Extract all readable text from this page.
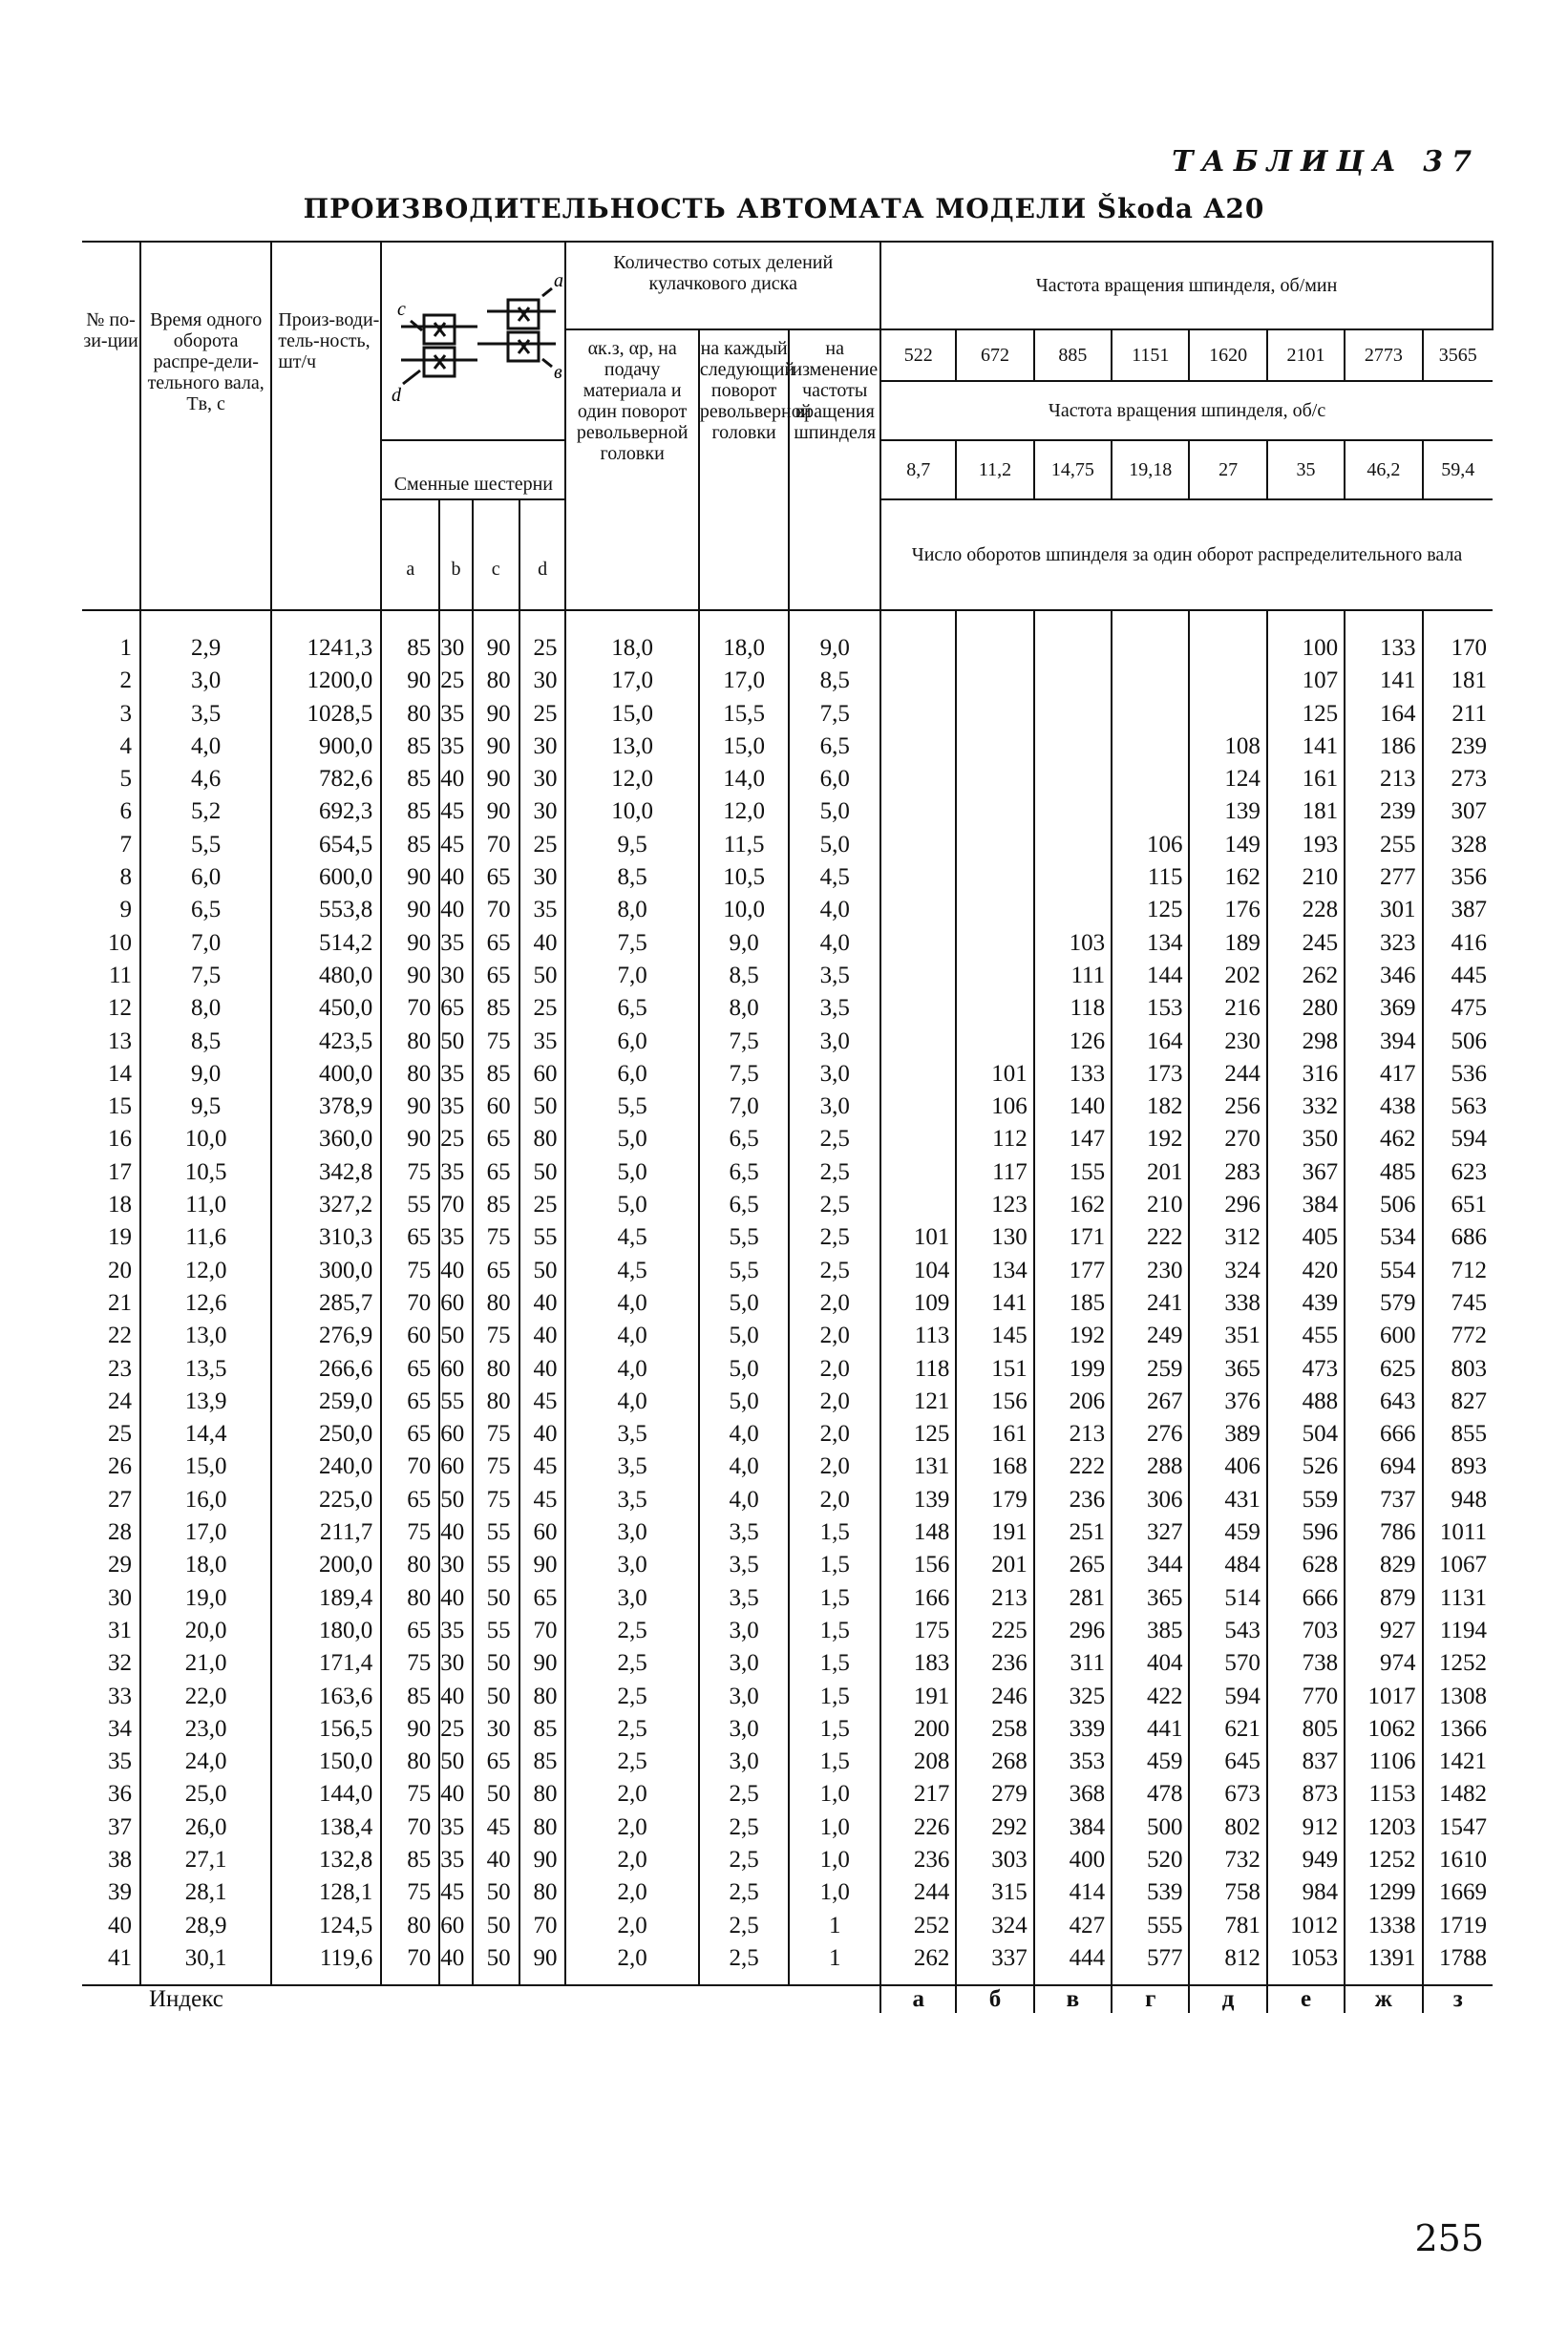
ТАБЛИЦА 37
ПРОИЗВОДИТЕЛЬНОСТЬ АВТОМАТА МОДЕЛИ Škoda A20
№ по-зи-ции	Время одного оборота распре-дели-тельного вала, Tв, с	Произ-води-тель-ность, шт/ч	c
d
a
в				Количество сотых делений кулачкового диска			Частота вращения шпинделя, об/мин							
							αк.з, αр, на подачу материала и один поворот револьверной головки	на каждый следующий поворот револьверной головки	на изменение частоты вращения шпинделя	522	672	885	1151	1620	2101	2773	3565
										Частота вращения шпинделя, об/с							
			Сменные шестерни							8,7	11,2	14,75	19,18	27	35	46,2	59,4
			a	b	c	d				Число оборотов шпинделя за один оборот распределительного вала							
1	2,9	1241,3	85	30	90	25	18,0	18,0	9,0						100	133	170
2	3,0	1200,0	90	25	80	30	17,0	17,0	8,5						107	141	181
3	3,5	1028,5	80	35	90	25	15,0	15,5	7,5						125	164	211
4	4,0	900,0	85	35	90	30	13,0	15,0	6,5					108	141	186	239
5	4,6	782,6	85	40	90	30	12,0	14,0	6,0					124	161	213	273
6	5,2	692,3	85	45	90	30	10,0	12,0	5,0					139	181	239	307
7	5,5	654,5	85	45	70	25	9,5	11,5	5,0				106	149	193	255	328
8	6,0	600,0	90	40	65	30	8,5	10,5	4,5				115	162	210	277	356
9	6,5	553,8	90	40	70	35	8,0	10,0	4,0				125	176	228	301	387
10	7,0	514,2	90	35	65	40	7,5	9,0	4,0			103	134	189	245	323	416
11	7,5	480,0	90	30	65	50	7,0	8,5	3,5			111	144	202	262	346	445
12	8,0	450,0	70	65	85	25	6,5	8,0	3,5			118	153	216	280	369	475
13	8,5	423,5	80	50	75	35	6,0	7,5	3,0			126	164	230	298	394	506
14	9,0	400,0	80	35	85	60	6,0	7,5	3,0		101	133	173	244	316	417	536
15	9,5	378,9	90	35	60	50	5,5	7,0	3,0		106	140	182	256	332	438	563
16	10,0	360,0	90	25	65	80	5,0	6,5	2,5		112	147	192	270	350	462	594
17	10,5	342,8	75	35	65	50	5,0	6,5	2,5		117	155	201	283	367	485	623
18	11,0	327,2	55	70	85	25	5,0	6,5	2,5		123	162	210	296	384	506	651
19	11,6	310,3	65	35	75	55	4,5	5,5	2,5	101	130	171	222	312	405	534	686
20	12,0	300,0	75	40	65	50	4,5	5,5	2,5	104	134	177	230	324	420	554	712
21	12,6	285,7	70	60	80	40	4,0	5,0	2,0	109	141	185	241	338	439	579	745
22	13,0	276,9	60	50	75	40	4,0	5,0	2,0	113	145	192	249	351	455	600	772
23	13,5	266,6	65	60	80	40	4,0	5,0	2,0	118	151	199	259	365	473	625	803
24	13,9	259,0	65	55	80	45	4,0	5,0	2,0	121	156	206	267	376	488	643	827
25	14,4	250,0	65	60	75	40	3,5	4,0	2,0	125	161	213	276	389	504	666	855
26	15,0	240,0	70	60	75	45	3,5	4,0	2,0	131	168	222	288	406	526	694	893
27	16,0	225,0	65	50	75	45	3,5	4,0	2,0	139	179	236	306	431	559	737	948
28	17,0	211,7	75	40	55	60	3,0	3,5	1,5	148	191	251	327	459	596	786	1011
29	18,0	200,0	80	30	55	90	3,0	3,5	1,5	156	201	265	344	484	628	829	1067
30	19,0	189,4	80	40	50	65	3,0	3,5	1,5	166	213	281	365	514	666	879	1131
31	20,0	180,0	65	35	55	70	2,5	3,0	1,5	175	225	296	385	543	703	927	1194
32	21,0	171,4	75	30	50	90	2,5	3,0	1,5	183	236	311	404	570	738	974	1252
33	22,0	163,6	85	40	50	80	2,5	3,0	1,5	191	246	325	422	594	770	1017	1308
34	23,0	156,5	90	25	30	85	2,5	3,0	1,5	200	258	339	441	621	805	1062	1366
35	24,0	150,0	80	50	65	85	2,5	3,0	1,5	208	268	353	459	645	837	1106	1421
36	25,0	144,0	75	40	50	80	2,0	2,5	1,0	217	279	368	478	673	873	1153	1482
37	26,0	138,4	70	35	45	80	2,0	2,5	1,0	226	292	384	500	802	912	1203	1547
38	27,1	132,8	85	35	40	90	2,0	2,5	1,0	236	303	400	520	732	949	1252	1610
39	28,1	128,1	75	45	50	80	2,0	2,5	1,0	244	315	414	539	758	984	1299	1669
40	28,9	124,5	80	60	50	70	2,0	2,5	1	252	324	427	555	781	1012	1338	1719
41	30,1	119,6	70	40	50	90	2,0	2,5	1	262	337	444	577	812	1053	1391	1788
Индекс										а	б	в	г	д	е	ж	з
255
